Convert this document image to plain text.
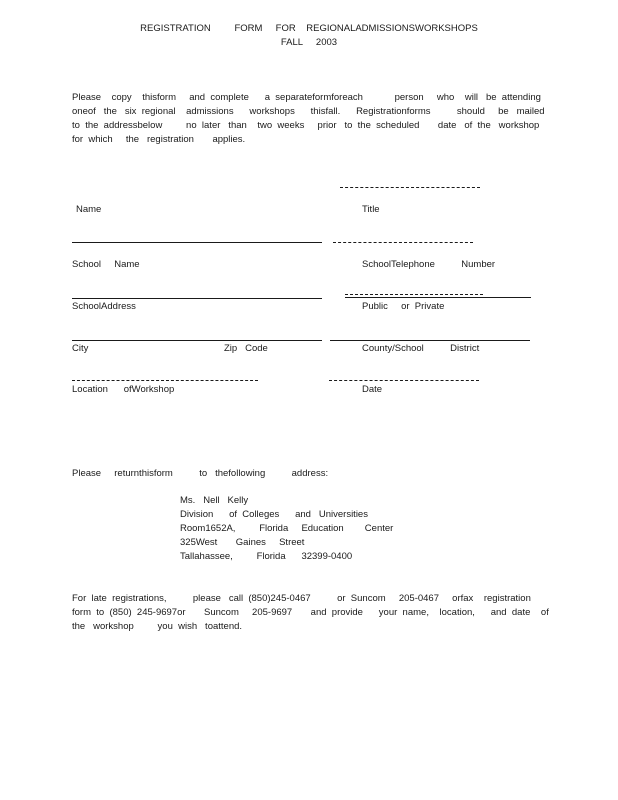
REGISTRATION         FORM     FOR    REGIONALADMISSIONSWORKSHOPS

FALL     2003

Please    copy    thisform     and  complete      a  separateformforeach            person     who    will   be  attending

oneof   the   six  regional    admissions      workshops      thisfall.      Registrationforms          should     be   mailed

to  the  addressbelow         no  later   than    two  weeks     prior   to  the  scheduled       date   of  the   workshop

for  which     the   registration       applies.

Name	Title

School     Name	SchoolTelephone          Number

SchoolAddress	Public     or  Private

City	Zip   Code	County/School          District

Location      ofWorkshop	Date

Please     returnthisform          to   thefollowing          address:

Ms.   Nell   Kelly

Division      of  Colleges      and   Universities

Room1652A,         Florida     Education        Center

325West       Gaines     Street

Tallahassee,         Florida      32399-0400

For  late  registrations,          please   call  (850)245-0467          or  Suncom     205-0467     orfax    registration

form  to  (850)  245-9697or       Suncom     205-9697       and  provide      your  name,    location,      and  date    of

the   workshop         you  wish   toattend.
